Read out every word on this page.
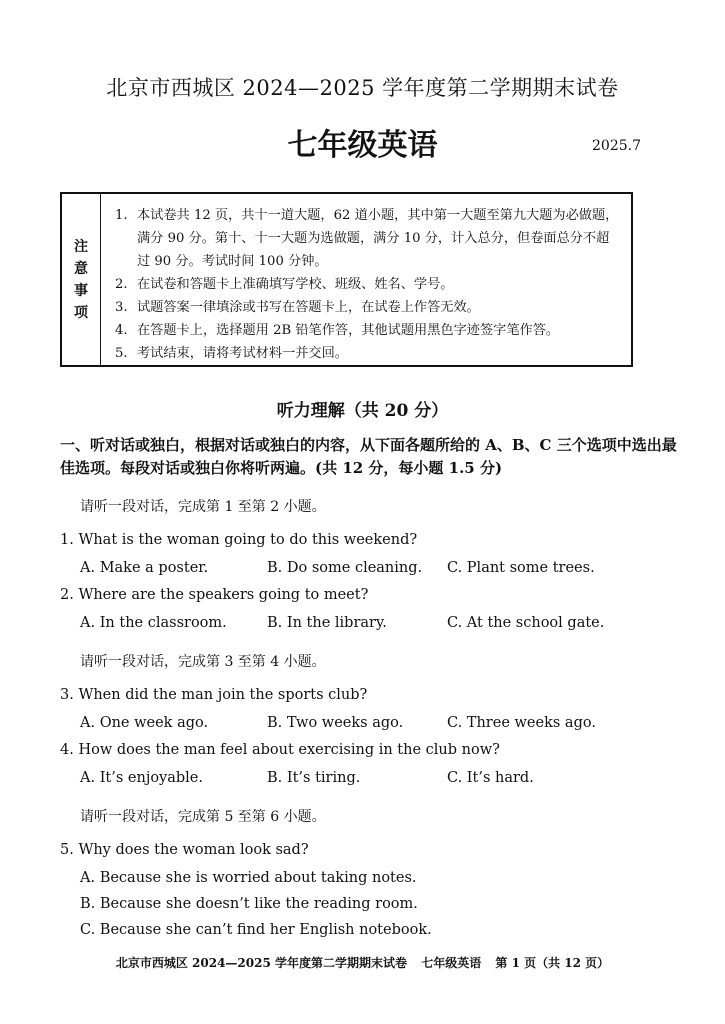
北京市西城区 2024—2025 学年度第二学期期末试卷
七年级英语	2025.7
注
意
事
项
1. 本试卷共 12 页，共十一道大题，62 道小题，其中第一大题至第九大题为必做题，满分 90 分。第十、十一大题为选做题，满分 10 分，计入总分，但卷面总分不超过 90 分。考试时间 100 分钟。
2. 在试卷和答题卡上准确填写学校、班级、姓名、学号。
3. 试题答案一律填涂或书写在答题卡上，在试卷上作答无效。
4. 在答题卡上，选择题用 2B 铅笔作答，其他试题用黑色字迹签字笔作答。
5. 考试结束，请将考试材料一并交回。
听力理解（共 20 分）
一、听对话或独白，根据对话或独白的内容，从下面各题所给的 A、B、C 三个选项中选出最佳选项。每段对话或独白你将听两遍。(共 12 分，每小题 1.5 分)
请听一段对话，完成第 1 至第 2 小题。
1. What is the woman going to do this weekend?
A. Make a poster.	B. Do some cleaning.	C. Plant some trees.
2. Where are the speakers going to meet?
A. In the classroom.	B. In the library.	C. At the school gate.
请听一段对话，完成第 3 至第 4 小题。
3. When did the man join the sports club?
A. One week ago.	B. Two weeks ago.	C. Three weeks ago.
4. How does the man feel about exercising in the club now?
A. It’s enjoyable.	B. It’s tiring.	C. It’s hard.
请听一段对话，完成第 5 至第 6 小题。
5. Why does the woman look sad?
A. Because she is worried about taking notes.
B. Because she doesn’t like the reading room.
C. Because she can’t find her English notebook.
北京市西城区 2024—2025 学年度第二学期期末试卷 七年级英语 第 1 页（共 12 页）
